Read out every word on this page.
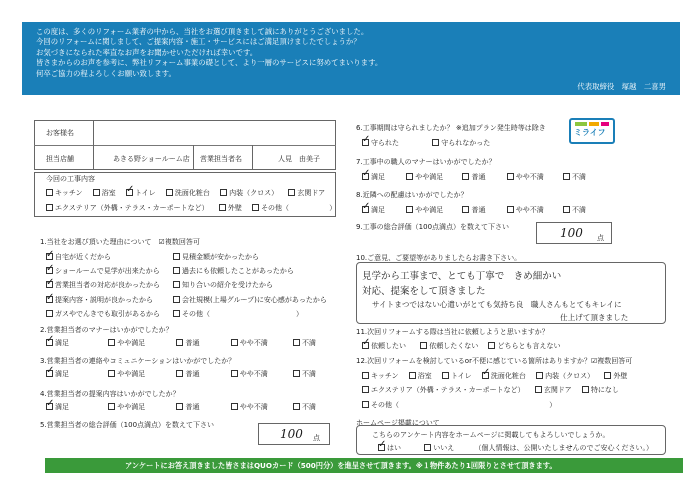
この度は、多くのリフォーム業者の中から、当社をお選び頂きまして誠にありがとうございました。
今回のリフォームに関しまして、ご提案内容・施工・サービスにはご満足頂けましたでしょうか？
お気づきになられた率直なお声をお聞かせいただければ幸いです。
皆さまからのお声を参考に、弊社リフォーム事業の礎として、より一層のサービスに努めてまいります。
何卒ご協力の程よろしくお願い致します。
代表取締役　塚越　二喜男
ミライフ
お客様名
担当店舗	あきる野ショールーム店 営業担当者名	人見　由美子
今回の工事内容
キッチン	浴室 ✓	トイレ	洗面化粧台	内装（クロス）	玄関ドア
エクステリア（外構・テラス・カーポートなど）	外壁	その他（	）
1.当社をお選び頂いた理由について　☑複数回答可
✓自宅が近くだから
✓ショールームで見学が出来たから
✓営業担当者の対応が良かったから
✓提案内容・説明が良かったから
ガスやでんきでも取引があるから
見積金額が安かったから
過去にも依頼したことがあったから
知り合いの紹介を受けたから
会社規模(上場グループ)に安心感があったから
その他（	）
2.営業担当者のマナーはいかがでしたか？
✓満足	やや満足	普通	やや不満	不満
3.営業担当者の連絡やコミュニケーションはいかがでしたか？
✓満足	やや満足	普通	やや不満	不満
4.営業担当者の提案内容はいかがでしたか？
✓満足	やや満足	普通	やや不満	不満
5.営業担当者の総合評価（100点満点）を数えて下さい
100 点
6.工事期間は守られましたか？ ※追加プラン発生時等は除き
✓守られた	守られなかった
7.工事中の職人のマナーはいかがでしたか？
✓満足	やや満足	普通	やや不満	不満
8.近隣への配慮はいかがでしたか？
✓満足	やや満足	普通	やや不満	不満
9.工事の総合評価（100点満点）を数えて下さい	100 点
10.ご意見、ご要望等がありましたらお書き下さい。
見学から工事まで、とても丁寧で　きめ細かい
対応、提案をして頂きました
サイトまつではない心遣いがとても気持ち良　職人さんもとてもキレイに
仕上げて頂きました
11.次回リフォームする際は当社に依頼しようと思いますか？
✓依頼したい	依頼したくない	どちらとも言えない
12.次回リフォームを検討しているor不便に感じている箇所はありますか？☑複数回答可
キッチン	浴室	トイレ ✓	洗面化粧台	内装（クロス）	外壁
エクステリア（外構・テラス・カーポートなど）	玄関ドア	特になし
その他（	）
ホームページ掲載について
こちらのアンケート内容をホームページに掲載してもよろしいでしょうか。
✓はい	いいえ	（個人情報は、公開いたしませんのでご安心ください。）
アンケートにお答え頂きました皆さまはQUOカード（500円分）を進呈させて頂きます。※１物件あたり1回限りとさせて頂きます。
